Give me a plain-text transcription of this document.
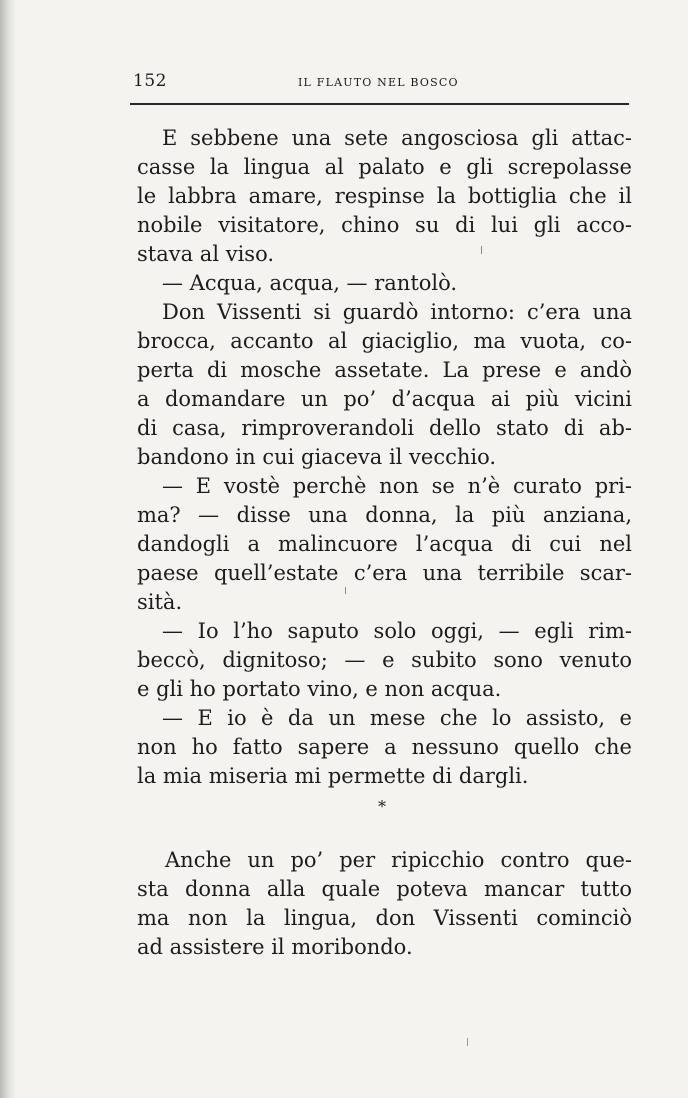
152	IL FLAUTO NEL BOSCO
E sebbene una sete angosciosa gli attac-
casse la lingua al palato e gli screpolasse
le labbra amare, respinse la bottiglia che il
nobile visitatore, chino su di lui gli acco-
stava al viso.
— Acqua, acqua, — rantolò.
Don Vissenti si guardò intorno: c’era una
brocca, accanto al giaciglio, ma vuota, co-
perta di mosche assetate. La prese e andò
a domandare un po’ d’acqua ai più vicini
di casa, rimproverandoli dello stato di ab-
bandono in cui giaceva il vecchio.
— E vostè perchè non se n’è curato pri-
ma? — disse una donna, la più anziana,
dandogli a malincuore l’acqua di cui nel
paese quell’estate c’era una terribile scar-
sità.
— Io l’ho saputo solo oggi, — egli rim-
beccò, dignitoso; — e subito sono venuto
e gli ho portato vino, e non acqua.
— E io è da un mese che lo assisto, e
non ho fatto sapere a nessuno quello che
la mia miseria mi permette di dargli.
*
Anche un po’ per ripicchio contro que-
sta donna alla quale poteva mancar tutto
ma non la lingua, don Vissenti cominciò
ad assistere il moribondo.
